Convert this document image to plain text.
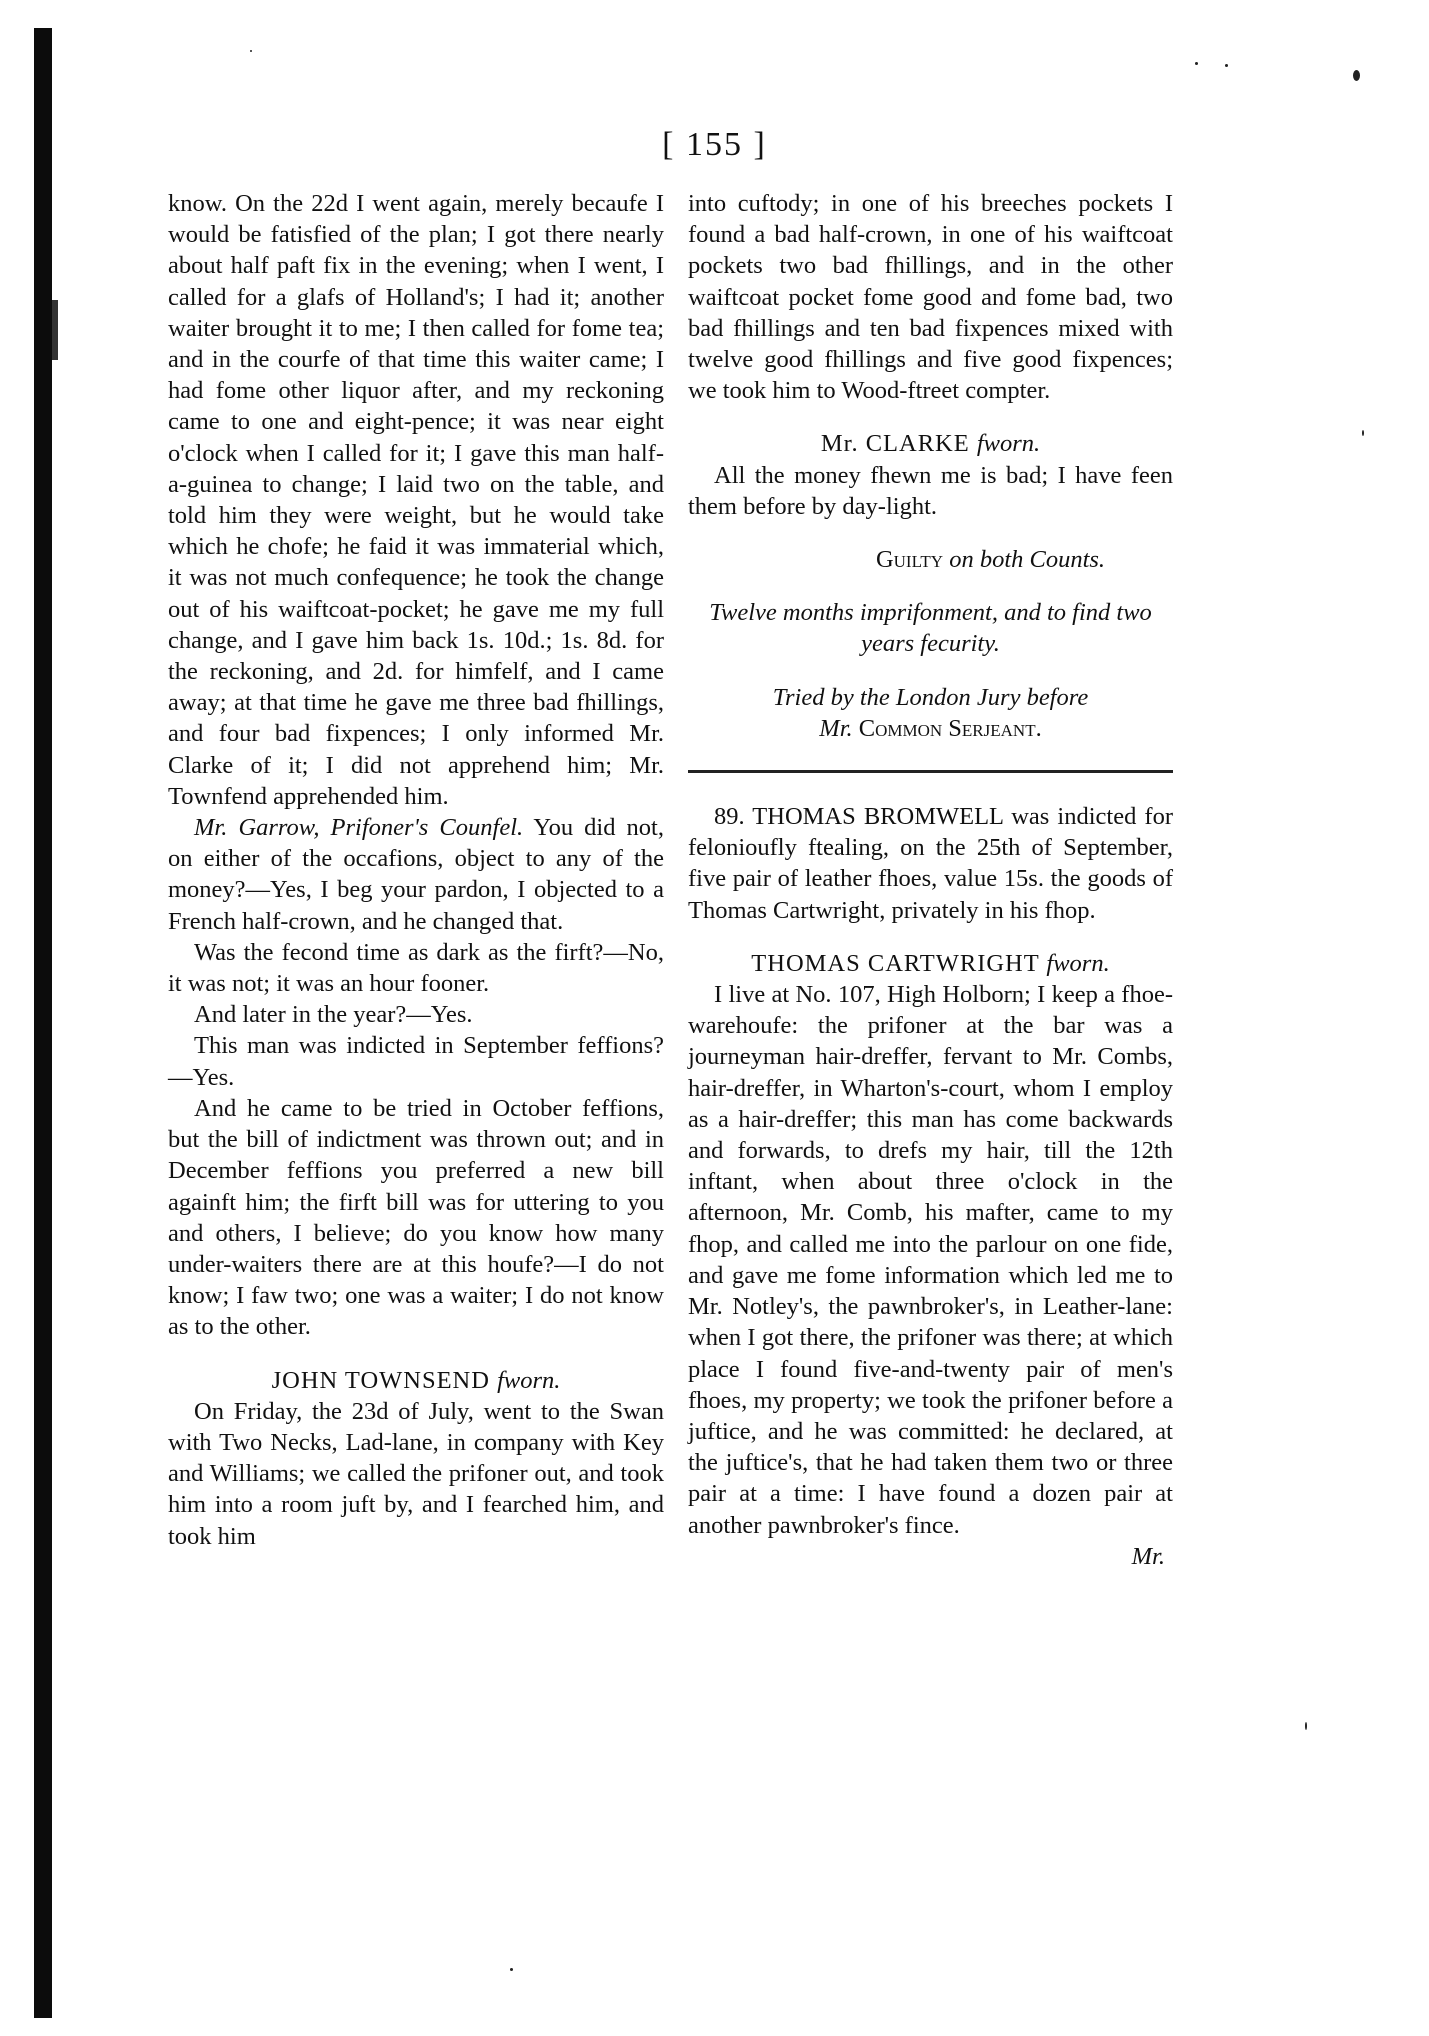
[ 155 ]

know. On the 22d I went again, merely becaufe I would be fatisfied of the plan; I got there nearly about half paft fix in the evening; when I went, I called for a glafs of Holland's; I had it; another waiter brought it to me; I then called for fome tea; and in the courfe of that time this waiter came; I had fome other liquor after, and my reckoning came to one and eight-pence; it was near eight o'clock when I called for it; I gave this man half-a-guinea to change; I laid two on the table, and told him they were weight, but he would take which he chofe; he faid it was immaterial which, it was not much confequence; he took the change out of his waiftcoat-pocket; he gave me my full change, and I gave him back 1s. 10d.; 1s. 8d. for the reckoning, and 2d. for himfelf, and I came away; at that time he gave me three bad fhillings, and four bad fixpences; I only informed Mr. Clarke of it; I did not apprehend him; Mr. Townfend apprehended him.

Mr. Garrow, Prifoner's Counfel. You did not, on either of the occafions, object to any of the money?—Yes, I beg your pardon, I objected to a French half-crown, and he changed that.

Was the fecond time as dark as the firft?—No, it was not; it was an hour fooner.

And later in the year?—Yes.

This man was indicted in September feffions?—Yes.

And he came to be tried in October feffions, but the bill of indictment was thrown out; and in December feffions you preferred a new bill againft him; the firft bill was for uttering to you and others, I believe; do you know how many under-waiters there are at this houfe?—I do not know; I faw two; one was a waiter; I do not know as to the other.

JOHN TOWNSEND fworn.

On Friday, the 23d of July, went to the Swan with Two Necks, Lad-lane, in company with Key and Williams; we called the prifoner out, and took him into a room juft by, and I fearched him, and took him

into cuftody; in one of his breeches pockets I found a bad half-crown, in one of his waiftcoat pockets two bad fhillings, and in the other waiftcoat pocket fome good and fome bad, two bad fhillings and ten bad fixpences mixed with twelve good fhillings and five good fixpences; we took him to Wood-ftreet compter.

Mr. CLARKE fworn.

All the money fhewn me is bad; I have feen them before by day-light.

Guilty on both Counts.

Twelve months imprifonment, and to find two years fecurity.

Tried by the London Jury before
Mr. Common Serjeant.

89. THOMAS BROMWELL was indicted for felonioufly ftealing, on the 25th of September, five pair of leather fhoes, value 15s. the goods of Thomas Cartwright, privately in his fhop.

THOMAS CARTWRIGHT fworn.

I live at No. 107, High Holborn; I keep a fhoe-warehoufe: the prifoner at the bar was a journeyman hair-dreffer, fervant to Mr. Combs, hair-dreffer, in Wharton's-court, whom I employ as a hair-dreffer; this man has come backwards and forwards, to drefs my hair, till the 12th inftant, when about three o'clock in the afternoon, Mr. Comb, his mafter, came to my fhop, and called me into the parlour on one fide, and gave me fome information which led me to Mr. Notley's, the pawnbroker's, in Leather-lane: when I got there, the prifoner was there; at which place I found five-and-twenty pair of men's fhoes, my property; we took the prifoner before a juftice, and he was committed: he declared, at the juftice's, that he had taken them two or three pair at a time: I have found a dozen pair at another pawnbroker's fince.

Mr.
